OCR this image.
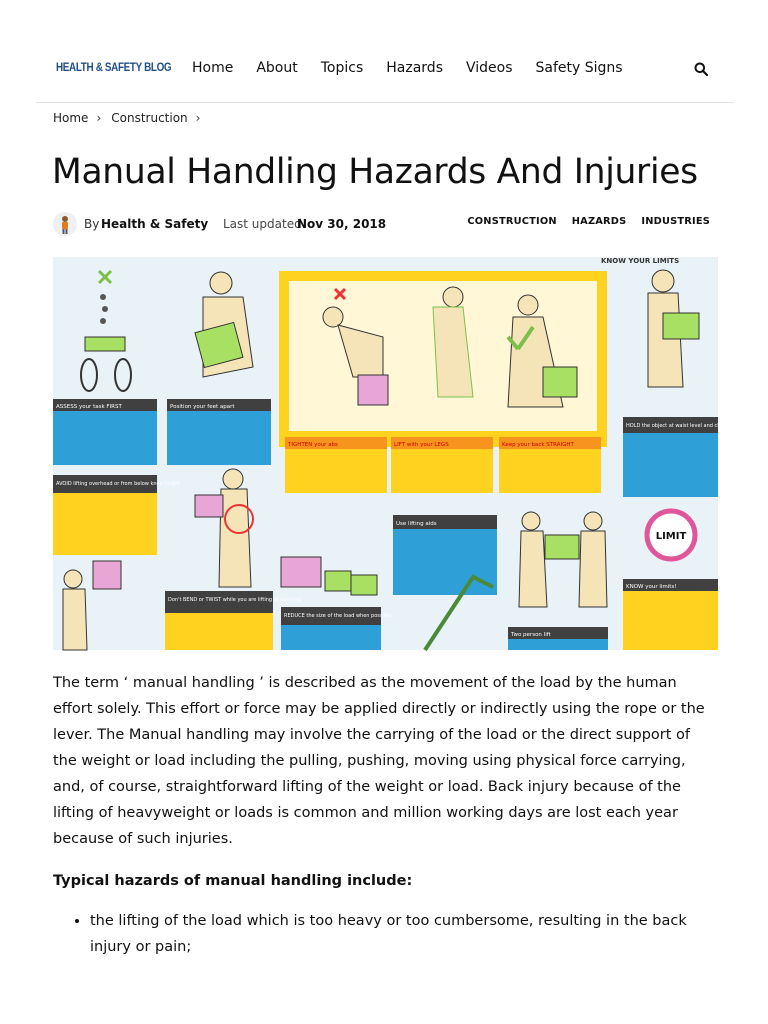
HEALTH & SAFETY BLOG Home About Topics Hazards Videos Safety Signs
Home › Construction ›
Manual Handling Hazards And Injuries
By Health & Safety Last updated
Nov 30, 2018	CONSTRUCTION HAZARDS INDUSTRIES
KNOW YOUR LIMITS
ASSESS your task FIRST	Position your feet apart
TIGHTEN your abs	LIFT with your LEGS	Keep your back STRAIGHT
HOLD the object at waist level and close to the body
AVOID lifting overhead or from below knee height
Don't BEND or TWIST while you are lifting or carrying
REDUCE the size of the load when possible
Use lifting aids
Two person lift
LIMIT
KNOW your limits!

The term ‘ manual handling ’ is described as the movement of the load by the human effort solely. This effort or force may be applied directly or indirectly using the rope or the lever. The Manual handling may involve the carrying of the load or the direct support of the weight or load including the pulling, pushing, moving using physical force carrying, and, of course, straightforward lifting of the weight or load. Back injury because of the lifting of heavyweight or loads is common and million working days are lost each year because of such injuries.

Typical hazards of manual handling include:

• the lifting of the load which is too heavy or too cumbersome, resulting in the back injury or pain;
